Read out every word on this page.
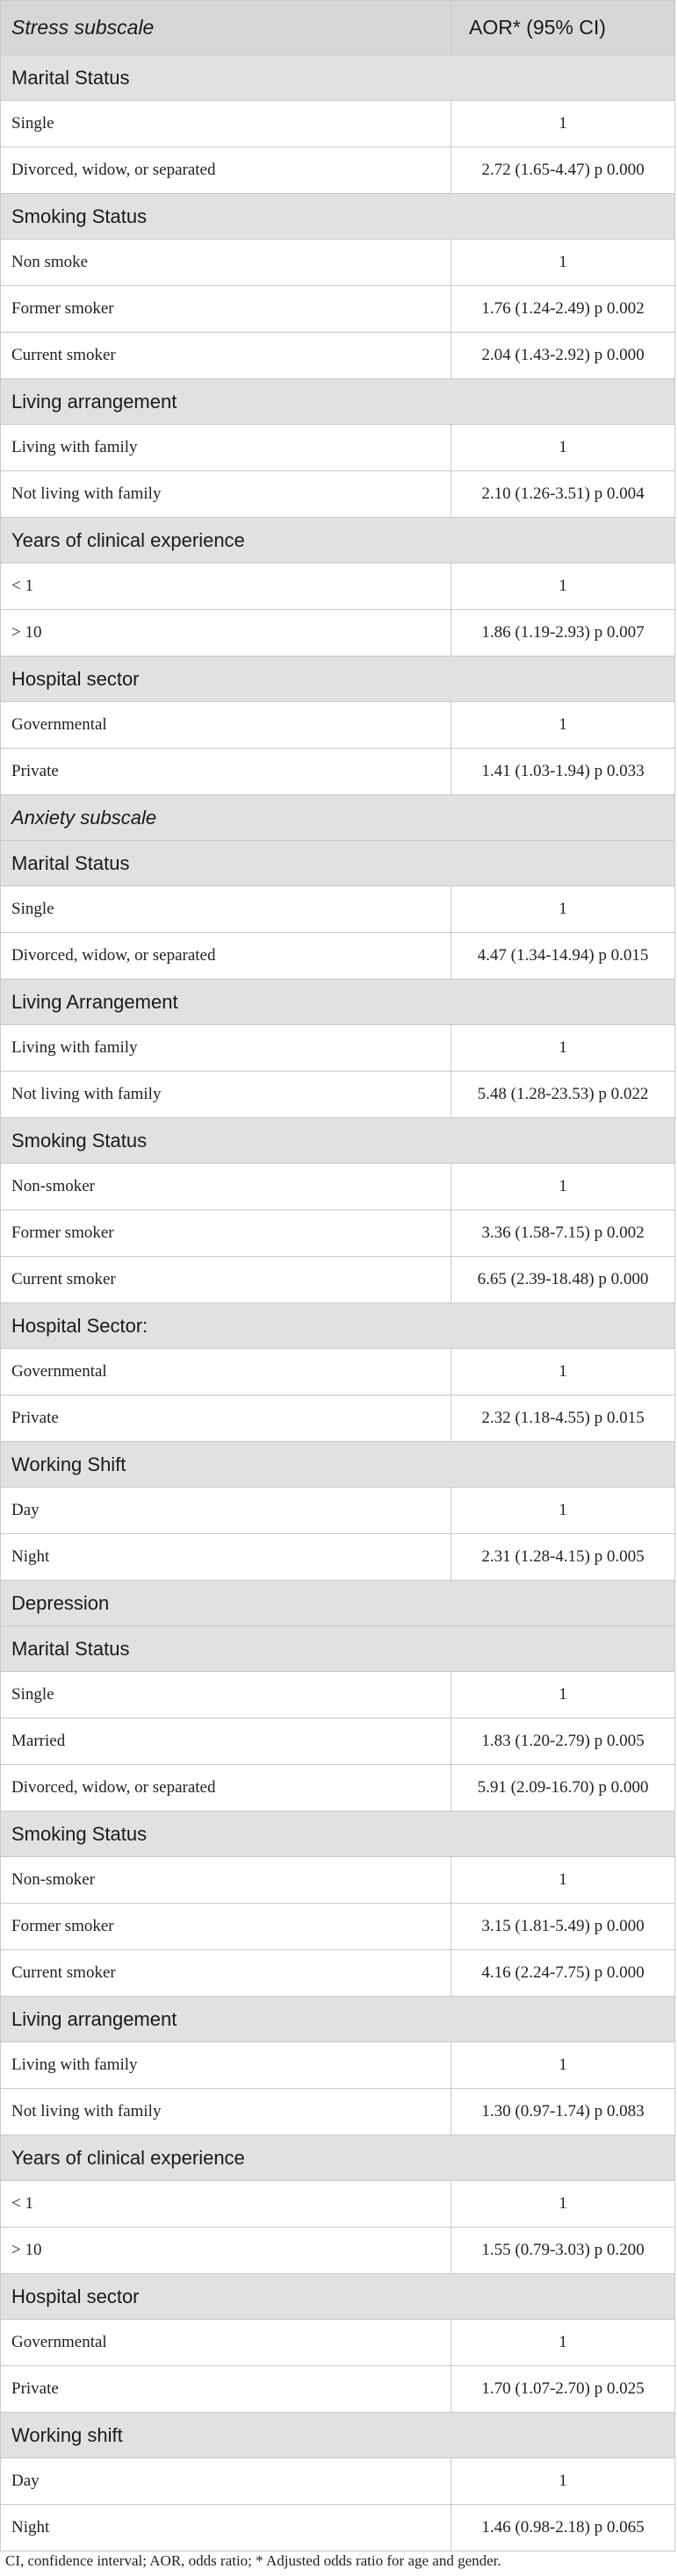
Stress subscale	AOR* (95% CI)
Marital Status	
Single	1
Divorced, widow, or separated	2.72 (1.65-4.47) p 0.000
Smoking Status	
Non smoke	1
Former smoker	1.76 (1.24-2.49) p 0.002
Current smoker	2.04 (1.43-2.92) p 0.000
Living arrangement	
Living with family	1
Not living with family	2.10 (1.26-3.51) p 0.004
Years of clinical experience	
< 1	1
> 10	1.86 (1.19-2.93) p 0.007
Hospital sector	
Governmental	1
Private	1.41 (1.03-1.94) p 0.033
Anxiety subscale	
Marital Status	
Single	1
Divorced, widow, or separated	4.47 (1.34-14.94) p 0.015
Living Arrangement	
Living with family	1
Not living with family	5.48 (1.28-23.53) p 0.022
Smoking Status	
Non-smoker	1
Former smoker	3.36 (1.58-7.15) p 0.002
Current smoker	6.65 (2.39-18.48) p 0.000
Hospital Sector:	
Governmental	1
Private	2.32 (1.18-4.55) p 0.015
Working Shift	
Day	1
Night	2.31 (1.28-4.15) p 0.005
Depression	
Marital Status	
Single	1
Married	1.83 (1.20-2.79) p 0.005
Divorced, widow, or separated	5.91 (2.09-16.70) p 0.000
Smoking Status	
Non-smoker	1
Former smoker	3.15 (1.81-5.49) p 0.000
Current smoker	4.16 (2.24-7.75) p 0.000
Living arrangement	
Living with family	1
Not living with family	1.30 (0.97-1.74) p 0.083
Years of clinical experience	
< 1	1
> 10	1.55 (0.79-3.03) p 0.200
Hospital sector	
Governmental	1
Private	1.70 (1.07-2.70) p 0.025
Working shift	
Day	1
Night	1.46 (0.98-2.18) p 0.065
CI, confidence interval; AOR, odds ratio; * Adjusted odds ratio for age and gender.
